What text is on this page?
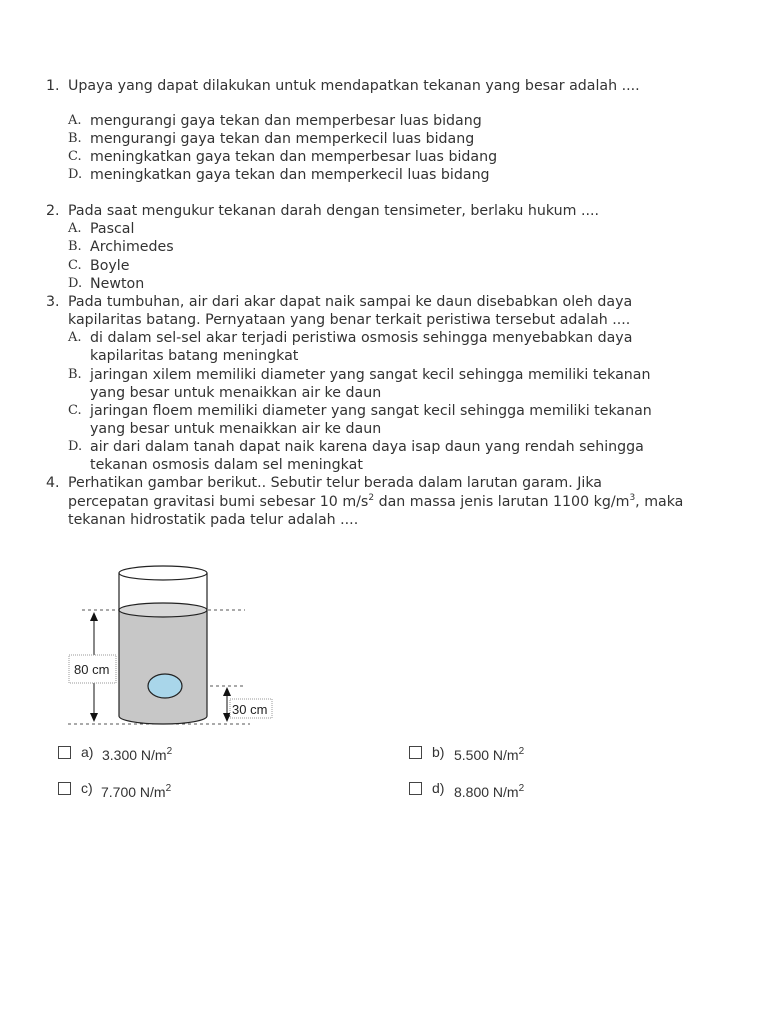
1. Upaya yang dapat dilakukan untuk mendapatkan tekanan yang besar adalah ....
A. mengurangi gaya tekan dan memperbesar luas bidang
B. mengurangi gaya tekan dan memperkecil luas bidang
C. meningkatkan gaya tekan dan memperbesar luas bidang
D. meningkatkan gaya tekan dan memperkecil luas bidang
2. Pada saat mengukur tekanan darah dengan tensimeter, berlaku hukum ....
A. Pascal
B. Archimedes
C. Boyle
D. Newton
3. Pada tumbuhan, air dari akar dapat naik sampai ke daun disebabkan oleh daya
kapilaritas batang. Pernyataan yang benar terkait peristiwa tersebut adalah ....
A. di dalam sel-sel akar terjadi peristiwa osmosis sehingga menyebabkan daya
kapilaritas batang meningkat
B. jaringan xilem memiliki diameter yang sangat kecil sehingga memiliki tekanan
yang besar untuk menaikkan air ke daun
C. jaringan floem memiliki diameter yang sangat kecil sehingga memiliki tekanan
yang besar untuk menaikkan air ke daun
D. air dari dalam tanah dapat naik karena daya isap daun yang rendah sehingga
tekanan osmosis dalam sel meningkat
4. Perhatikan gambar berikut.. Sebutir telur berada dalam larutan garam. Jika
percepatan gravitasi bumi sebesar 10 $m/s^2$ dan massa jenis larutan 1100 $kg/m^3$, maka
tekanan hidrostatik pada telur adalah ....
80 cm
30 cm
a) 3.300 $N/m^2$	b) 5.500 $N/m^2$
c) 7.700 $N/m^2$	d) 8.800 $N/m^2$
